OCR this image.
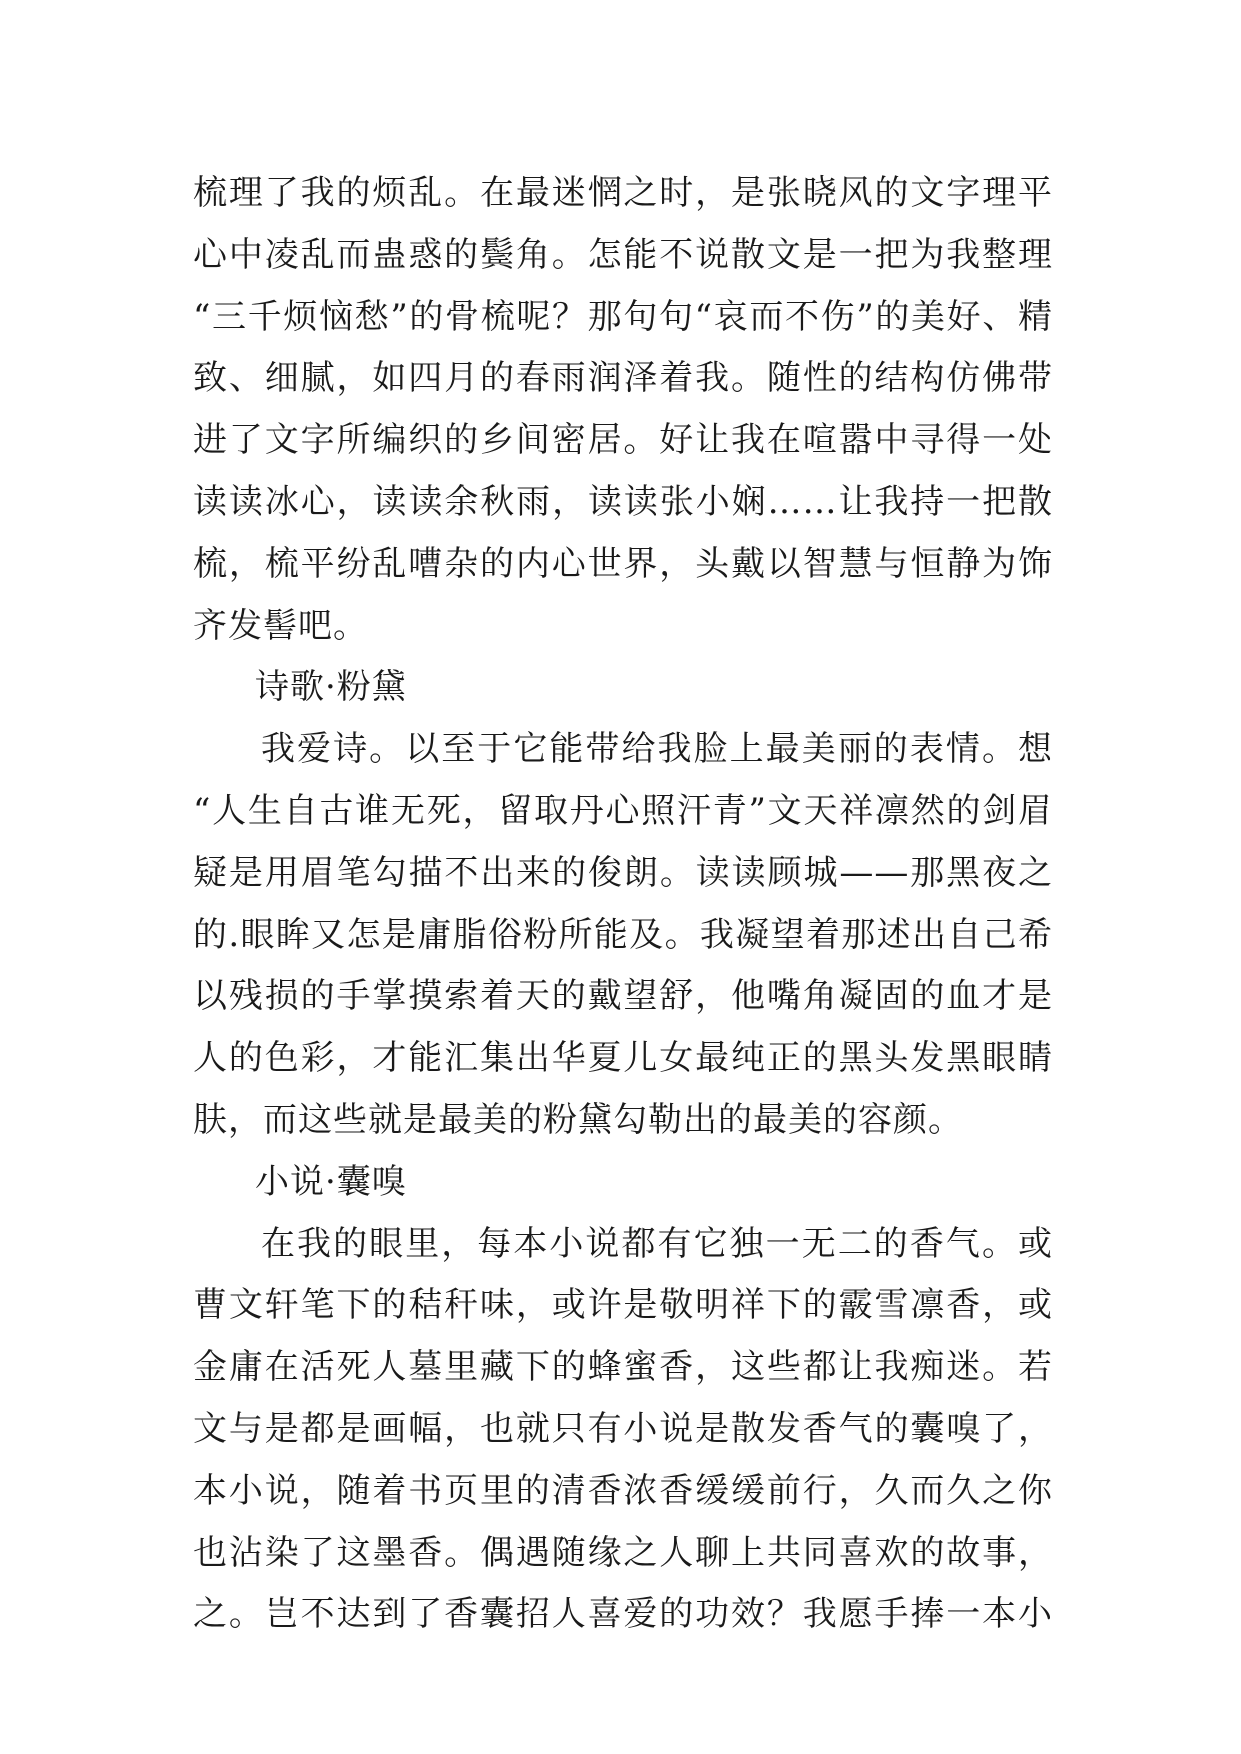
梳理了我的烦乱。在最迷惘之时，是张晓风的文字理平
心中凌乱而蛊惑的鬓角。怎能不说散文是一把为我整理
“三千烦恼愁”的骨梳呢？那句句“哀而不伤”的美好、精
致、细腻，如四月的春雨润泽着我。随性的结构仿佛带
进了文字所编织的乡间密居。好让我在喧嚣中寻得一处
读读冰心，读读余秋雨，读读张小娴……让我持一把散
梳，梳平纷乱嘈杂的内心世界，头戴以智慧与恒静为饰
齐发髻吧。
诗歌·粉黛
我爱诗。以至于它能带给我脸上最美丽的表情。想
“人生自古谁无死，留取丹心照汗青”文天祥凛然的剑眉
疑是用眉笔勾描不出来的俊朗。读读顾城——那黑夜之
的.眼眸又怎是庸脂俗粉所能及。我凝望着那述出自己希
以残损的手掌摸索着天的戴望舒，他嘴角凝固的血才是
人的色彩，才能汇集出华夏儿女最纯正的黑头发黑眼睛
肤，而这些就是最美的粉黛勾勒出的最美的容颜。
小说·囊嗅
在我的眼里，每本小说都有它独一无二的香气。或
曹文轩笔下的秸秆味，或许是敬明祥下的霰雪凛香，或
金庸在活死人墓里藏下的蜂蜜香，这些都让我痴迷。若
文与是都是画幅，也就只有小说是散发香气的囊嗅了，
本小说，随着书页里的清香浓香缓缓前行，久而久之你
也沾染了这墨香。偶遇随缘之人聊上共同喜欢的故事，
之。岂不达到了香囊招人喜爱的功效？我愿手捧一本小
